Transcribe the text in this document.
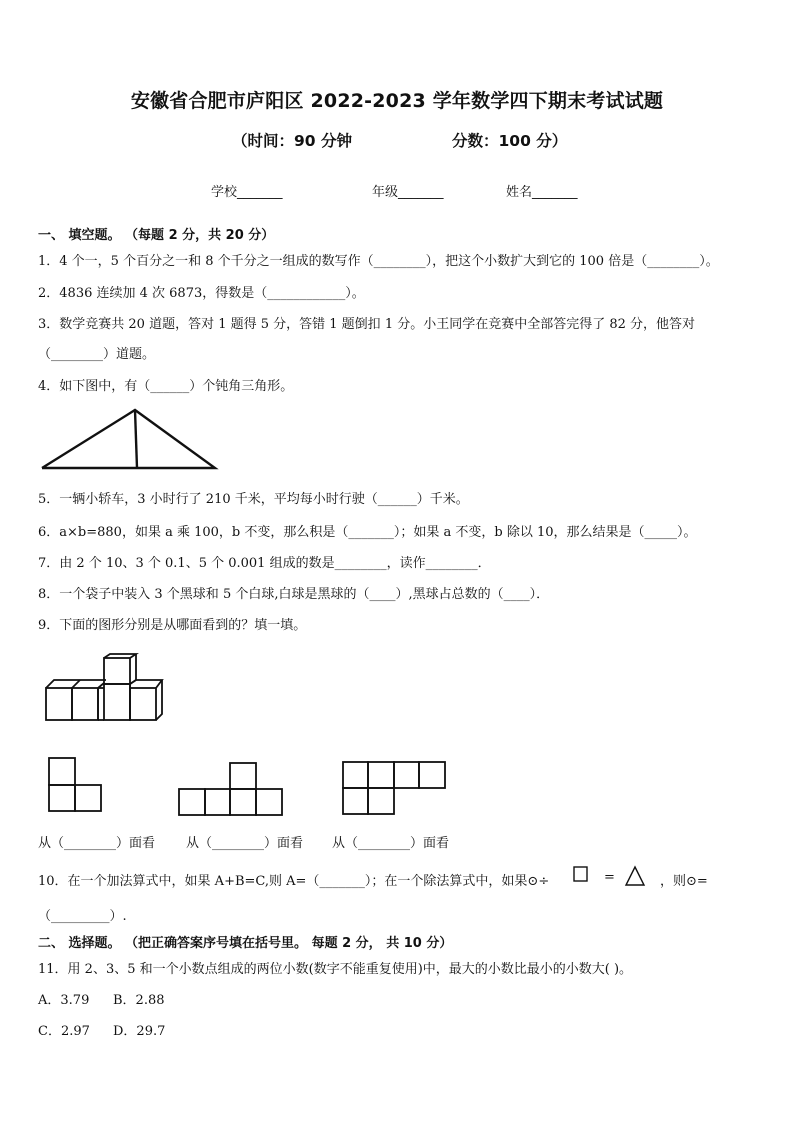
安徽省合肥市庐阳区 2022-2023 学年数学四下期末考试试题
（时间：90 分钟	分数：100 分）
学校_______	年级_______	姓名_______
一、 填空题。 （每题 2 分，共 20 分）
1．4 个一，5 个百分之一和 8 个千分之一组成的数写作（________），把这个小数扩大到它的 100 倍是（________）。
2．4836 连续加 4 次 6873，得数是（____________）。
3．数学竞赛共 20 道题，答对 1 题得 5 分，答错 1 题倒扣 1 分。小王同学在竞赛中全部答完得了 82 分，他答对
（________）道题。
4．如下图中，有（______）个钝角三角形。
5．一辆小轿车，3 小时行了 210 千米，平均每小时行驶（______）千米。
6．a×b=880，如果 a 乘 100，b 不变，那么积是（_______）；如果 a 不变，b 除以 10，那么结果是（_____）。
7．由 2 个 10、3 个 0.1、5 个 0.001 组成的数是________，读作________．
8．一个袋子中装入 3 个黑球和 5 个白球,白球是黑球的（____）,黑球占总数的（____）．
9．下面的图形分别是从哪面看到的？填一填。
从（________）面看 从（________）面看 从（________）面看
10．在一个加法算式中，如果 A+B=C,则 A=（_______）；在一个除法算式中，如果⊙÷	=	，则⊙=
（_________）.
二、 选择题。 （把正确答案序号填在括号里。 每题 2 分， 共 10 分）
11．用 2、3、5 和一个小数点组成的两位小数(数字不能重复使用)中，最大的小数比最小的小数大( )。
A．3.79 B．2.88
C．2.97 D．29.7
